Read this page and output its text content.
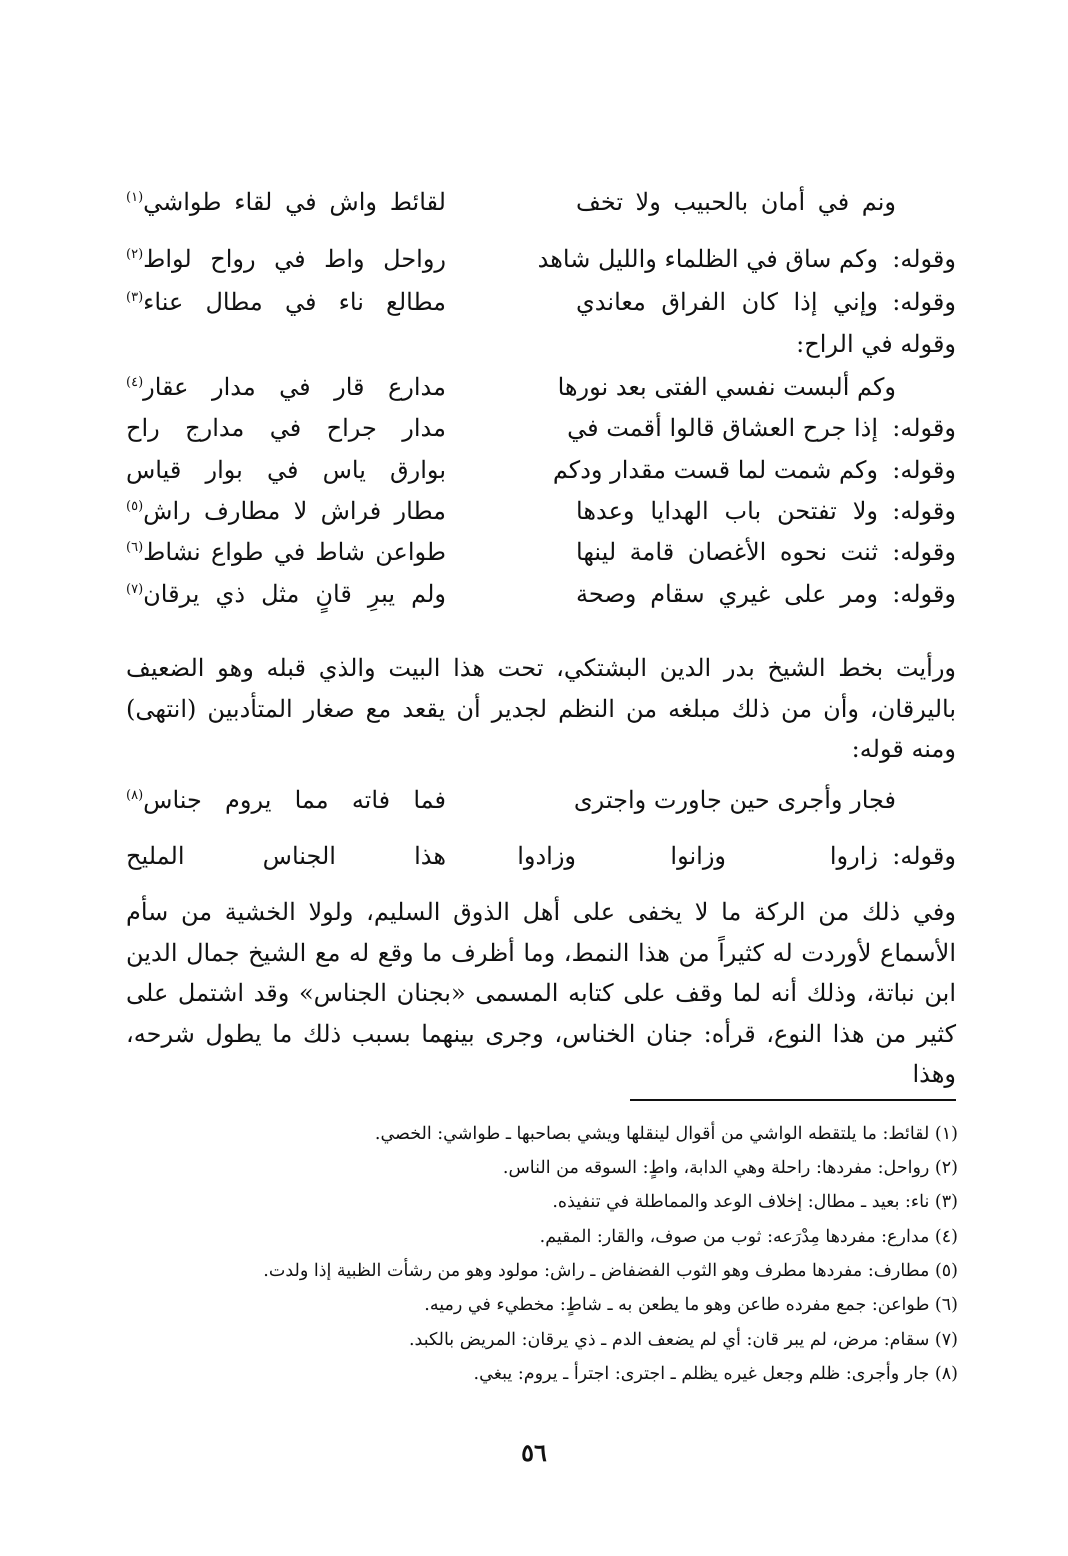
ونم في أمان بالحبيب ولا تخف
لقائط واش في لقاء طواشي$^{(١)}$
وقوله:
وكم ساق في الظلماء والليل شاهد
رواحل واط في رواح لواط$^{(٢)}$
وقوله:
وإني إذا كان الفراق معاندي
مطالع ناء في مطال عناء$^{(٣)}$
وقوله في الراح:
وكم ألبست نفسي الفتى بعد نورها
مدارع قار في مدار عقار$^{(٤)}$
وقوله:
إذا جرح العشاق قالوا أقمت في
مدار جراح في مدارج راح
وقوله:
وكم شمت لما قست مقدار ودكم
بوارق ياس في بوار قياس
وقوله:
ولا تفتحن باب الهدايا وعدها
مطار فراش لا مطارف راش$^{(٥)}$
وقوله:
ثنت نحوه الأغصان قامة لينها
طواعن شاط في طواع نشاط$^{(٦)}$
وقوله:
ومر على غيري سقام وصحة
ولم يبرِ قانٍ مثل ذي يرقان$^{(٧)}$
ورأيت بخط الشيخ بدر الدين البشتكي، تحت هذا البيت والذي قبله وهو الضعيف باليرقان، وأن من ذلك مبلغه من النظم لجدير أن يقعد مع صغار المتأدبين (انتهى) ومنه قوله:
فجار وأجرى حين جاورت واجترى
فما فاته مما يروم جناس$^{(٨)}$
وقوله:
زاروا
وزانوا
وزادوا
هذا الجناس المليح
وفي ذلك من الركة ما لا يخفى على أهل الذوق السليم، ولولا الخشية من سأم الأسماع لأوردت له كثيراً من هذا النمط، وما أظرف ما وقع له مع الشيخ جمال الدين ابن نباتة، وذلك أنه لما وقف على كتابه المسمى «بجنان الجناس» وقد اشتمل على كثير من هذا النوع، قرأه: جنان الخناس، وجرى بينهما بسبب ذلك ما يطول شرحه، وهذا
(١) لقائط: ما يلتقطه الواشي من أقوال لينقلها ويشي بصاحبها ـ طواشي: الخصي.
(٢) رواحل: مفردها: راحلة وهي الدابة، واطٍ: السوقه من الناس.
(٣) ناء: بعيد ـ مطال: إخلاف الوعد والمماطلة في تنفيذه.
(٤) مدارع: مفردها مِدْرَعه: ثوب من صوف، والقار: المقيم.
(٥) مطارف: مفردها مطرف وهو الثوب الفضفاض ـ راش: مولود وهو من رشأت الظبية إذا ولدت.
(٦) طواعن: جمع مفرده طاعن وهو ما يطعن به ـ شاطٍ: مخطيء في رميه.
(٧) سقام: مرض، لم يبر قان: أي لم يضعف الدم ـ ذي يرقان: المريض بالكبد.
(٨) جار وأجرى: ظلم وجعل غيره يظلم ـ اجترى: اجترأ ـ يروم: يبغي.
٥٦
